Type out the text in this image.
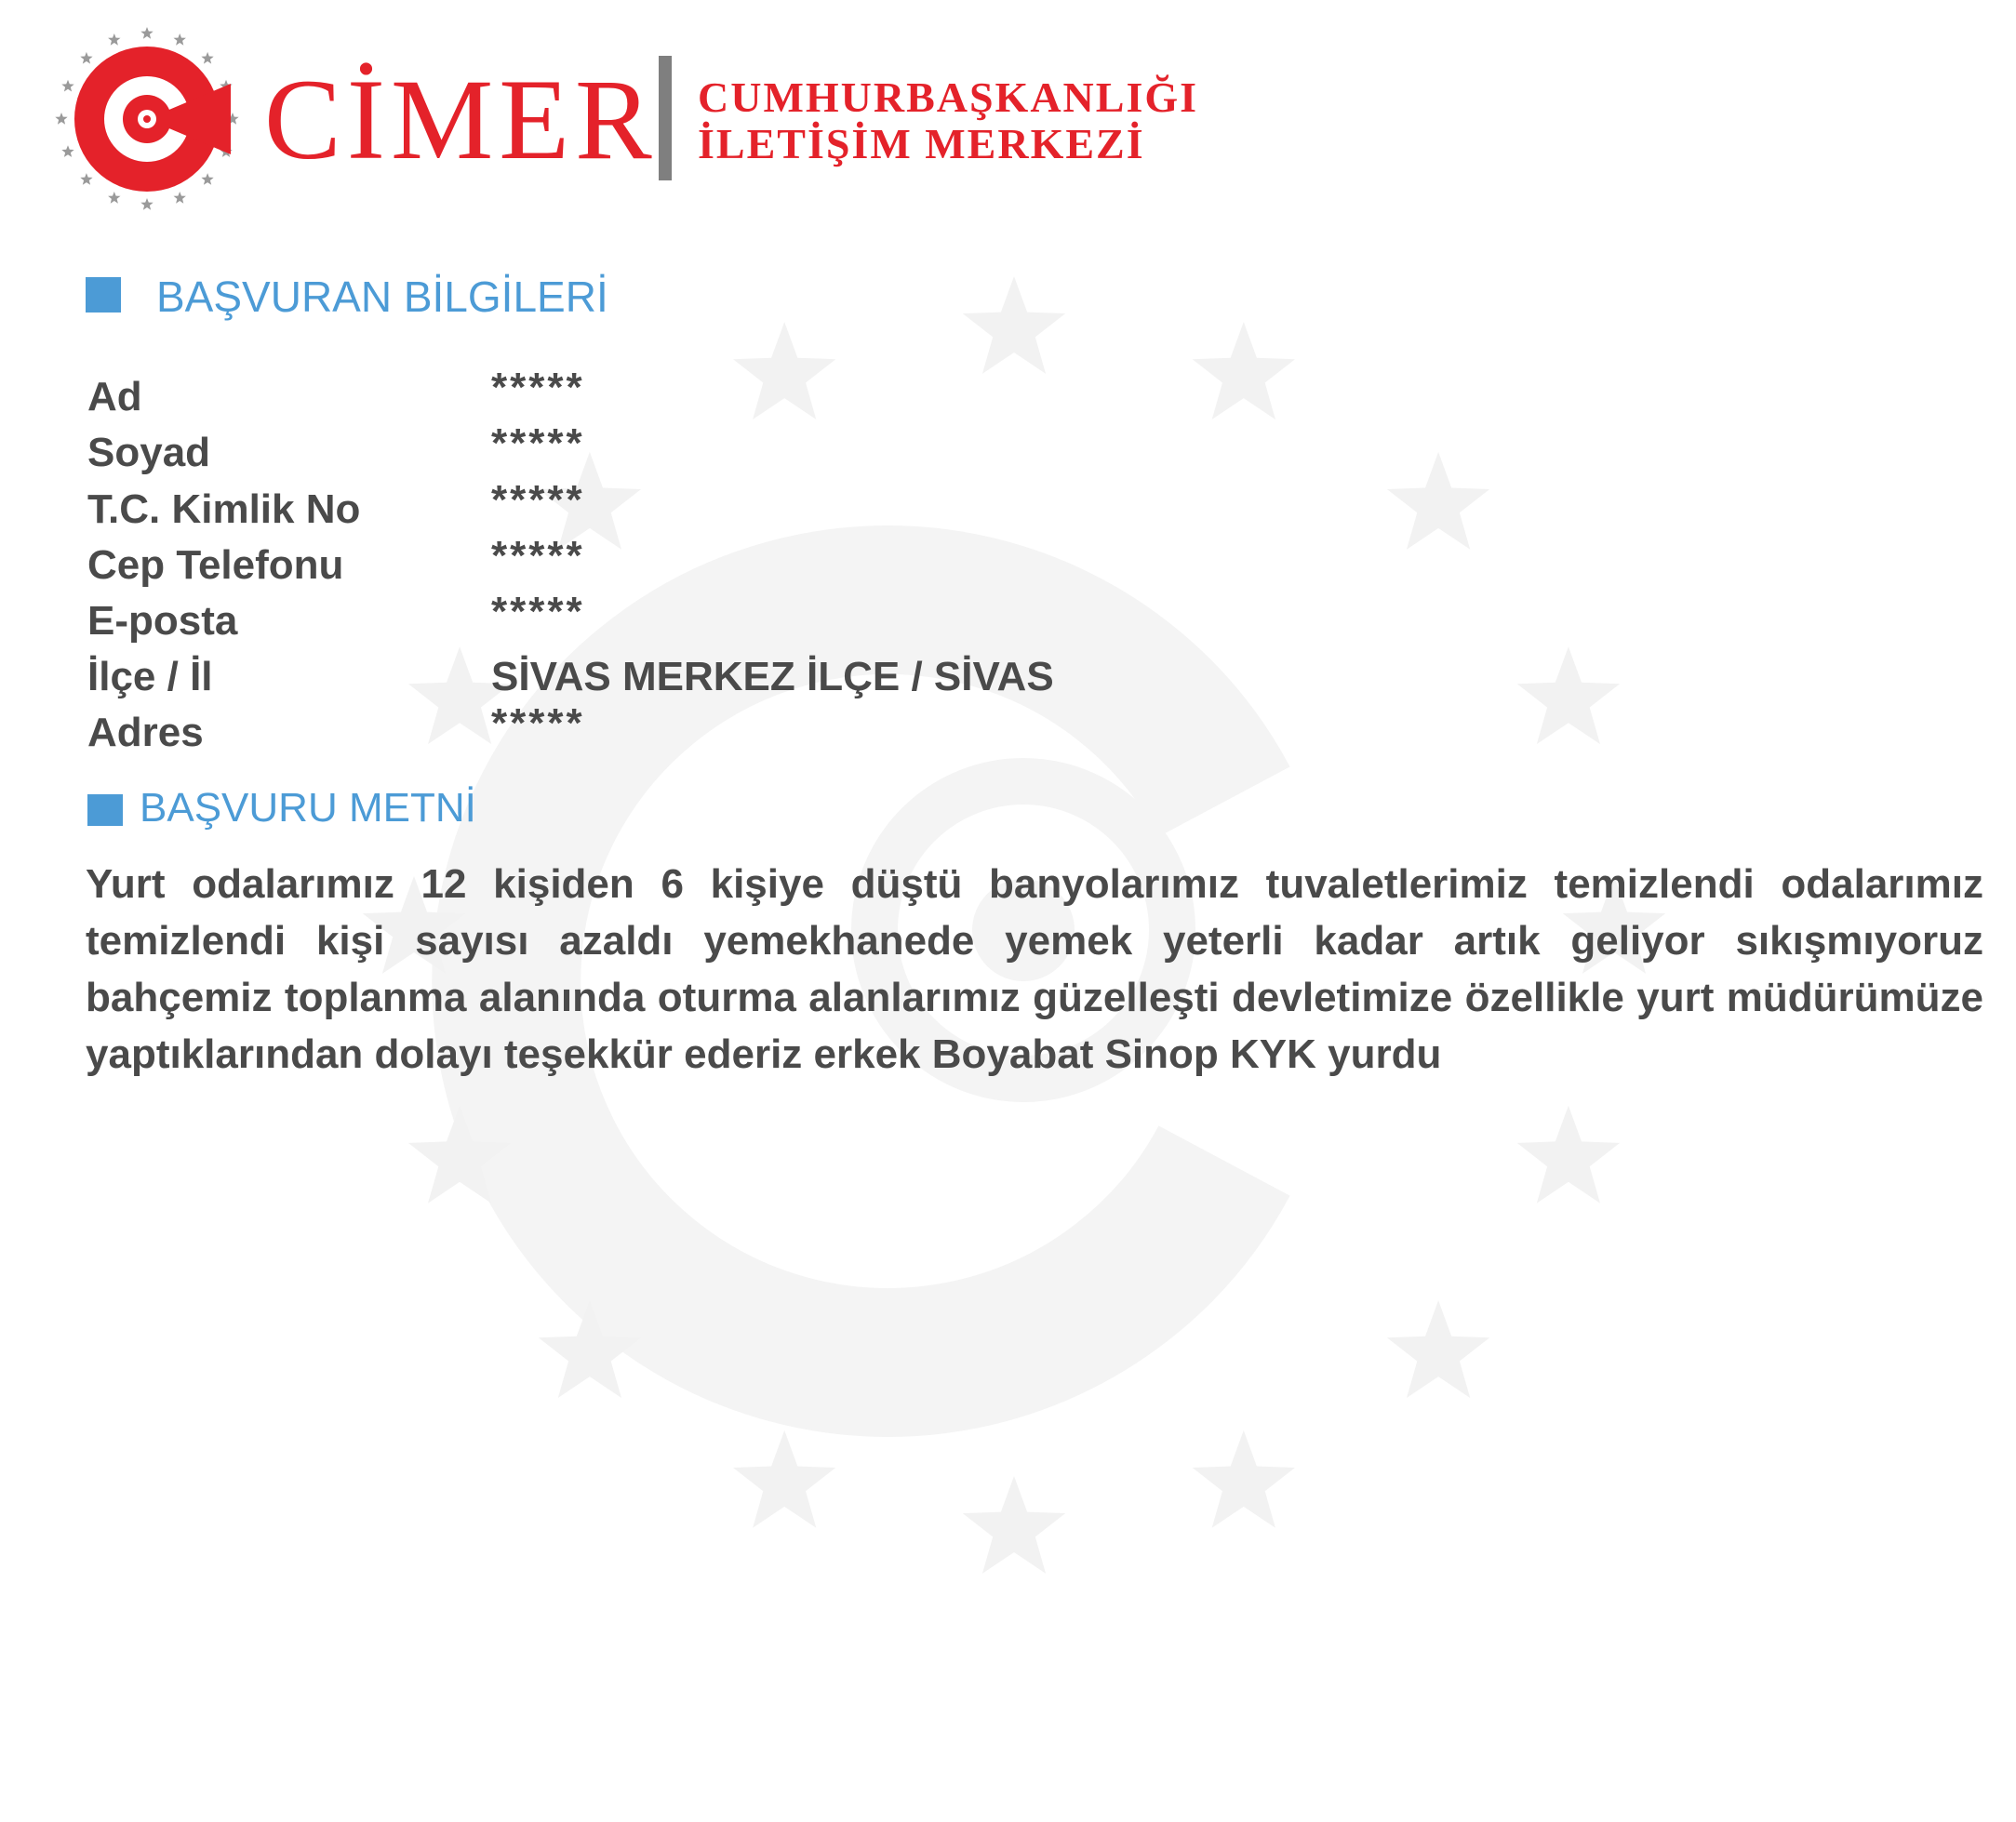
CİMER CUMHURBAŞKANLIĞI
İLETİŞİM MERKEZİ
BAŞVURAN BİLGİLERİ
Ad	*****
Soyad	*****
T.C. Kimlik No	*****
Cep Telefonu	*****
E-posta	*****
İlçe / İl	SİVAS MERKEZ İLÇE / SİVAS
Adres	*****
BAŞVURU METNİ

Yurt odalarımız 12 kişiden 6 kişiye düştü banyolarımız tuvaletlerimiz temizlendi odalarımız temizlendi kişi sayısı azaldı yemekhanede yemek yeterli kadar artık geliyor sıkışmıyoruz bahçemiz toplanma alanında oturma alanlarımız güzelleşti devletimize özellikle yurt müdürümüze yaptıklarından dolayı teşekkür ederiz erkek Boyabat Sinop KYK yurdu
